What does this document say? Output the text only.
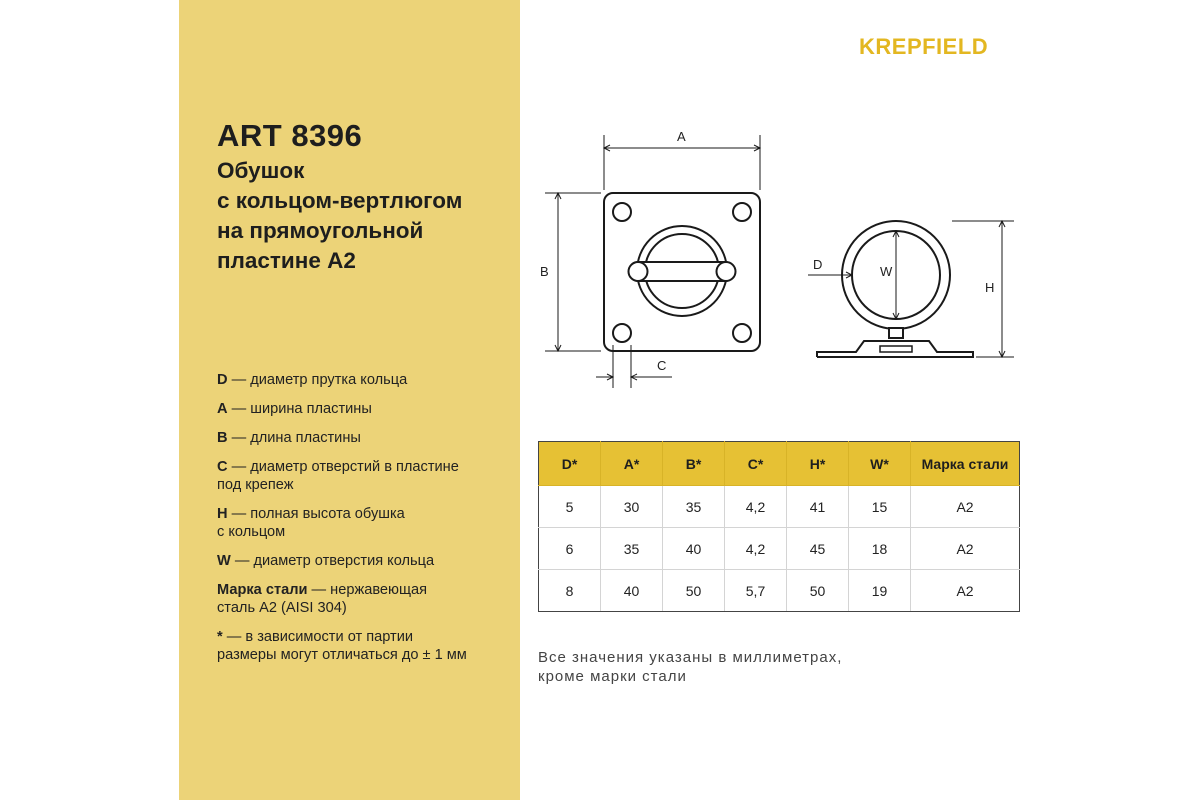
ART 8396
Обушок
с кольцом-вертлюгом
на прямоугольной
пластине А2
D — диаметр прутка кольца
A — ширина пластины
B — длина пластины
C — диаметр отверстий в пластине
под крепеж
H — полная высота обушка
с кольцом
W — диаметр отверстия кольца
Марка стали — нержавеющая
сталь А2 (AISI 304)
* — в зависимости от партии
размеры могут отличаться до ± 1 мм
KREPFIELD
A
B
C
D	W
H
D*	A*	B*	C*	H*	W*	Марка стали
5	30	35	4,2	41	15	A2
6	35	40	4,2	45	18	A2
8	40	50	5,7	50	19	A2
Все значения указаны в миллиметрах,
кроме марки стали
